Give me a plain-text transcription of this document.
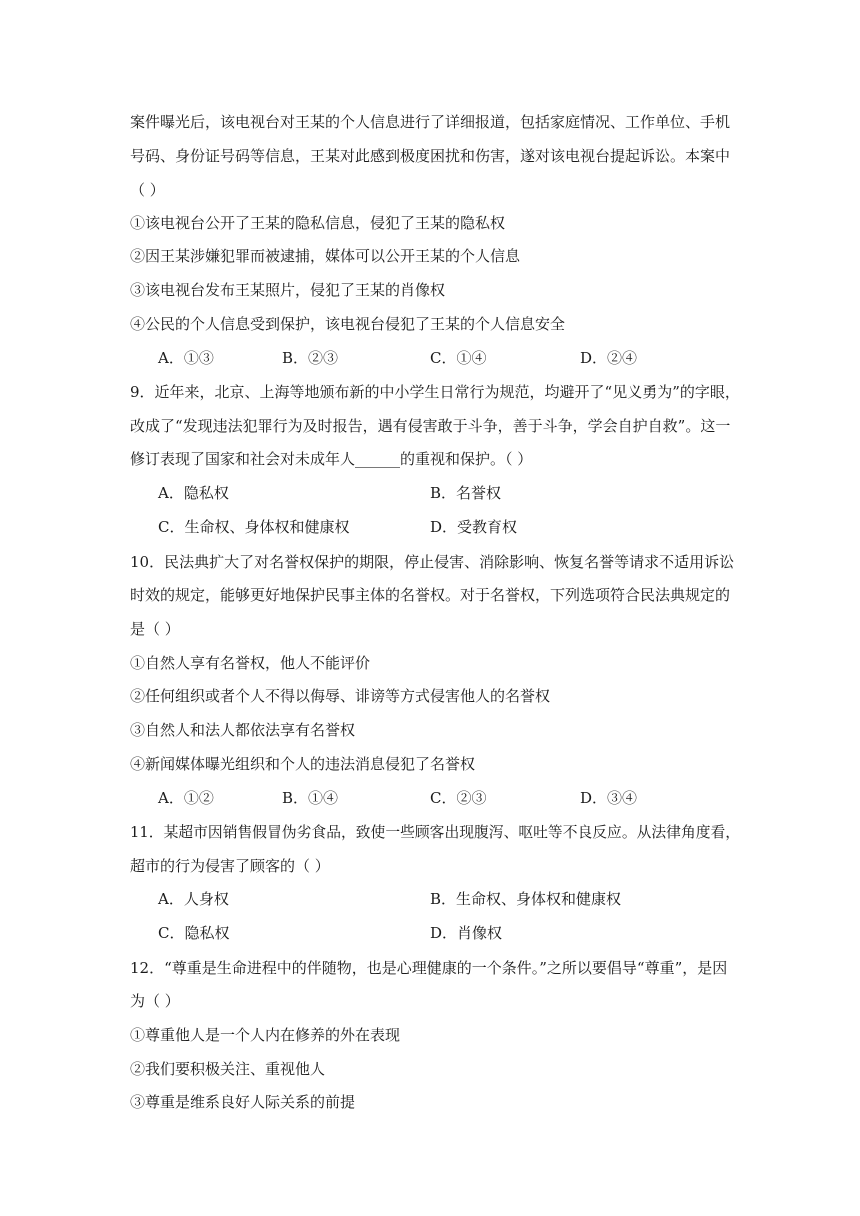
案件曝光后，该电视台对王某的个人信息进行了详细报道，包括家庭情况、工作单位、手机
号码、身份证号码等信息，王某对此感到极度困扰和伤害，遂对该电视台提起诉讼。本案中
（ ）
①该电视台公开了王某的隐私信息，侵犯了王某的隐私权
②因王某涉嫌犯罪而被逮捕，媒体可以公开王某的个人信息
③该电视台发布王某照片，侵犯了王某的肖像权
④公民的个人信息受到保护，该电视台侵犯了王某的个人信息安全
A．①③	B．②③	C．①④	D．②④
9．近年来，北京、上海等地颁布新的中小学生日常行为规范，均避开了“见义勇为”的字眼，
改成了“发现违法犯罪行为及时报告，遇有侵害敢于斗争，善于斗争，学会自护自救”。这一
修订表现了国家和社会对未成年人______的重视和保护。（ ）
A．隐私权	B．名誉权
C．生命权、身体权和健康权	D．受教育权
10．民法典扩大了对名誉权保护的期限，停止侵害、消除影响、恢复名誉等请求不适用诉讼
时效的规定，能够更好地保护民事主体的名誉权。对于名誉权，下列选项符合民法典规定的
是（ ）
①自然人享有名誉权，他人不能评价
②任何组织或者个人不得以侮辱、诽谤等方式侵害他人的名誉权
③自然人和法人都依法享有名誉权
④新闻媒体曝光组织和个人的违法消息侵犯了名誉权
A．①②	B．①④	C．②③	D．③④
11．某超市因销售假冒伪劣食品，致使一些顾客出现腹泻、呕吐等不良反应。从法律角度看，
超市的行为侵害了顾客的（ ）
A．人身权	B．生命权、身体权和健康权
C．隐私权	D．肖像权
12．“尊重是生命进程中的伴随物，也是心理健康的一个条件。”之所以要倡导“尊重”，是因
为（ ）
①尊重他人是一个人内在修养的外在表现
②我们要积极关注、重视他人
③尊重是维系良好人际关系的前提
